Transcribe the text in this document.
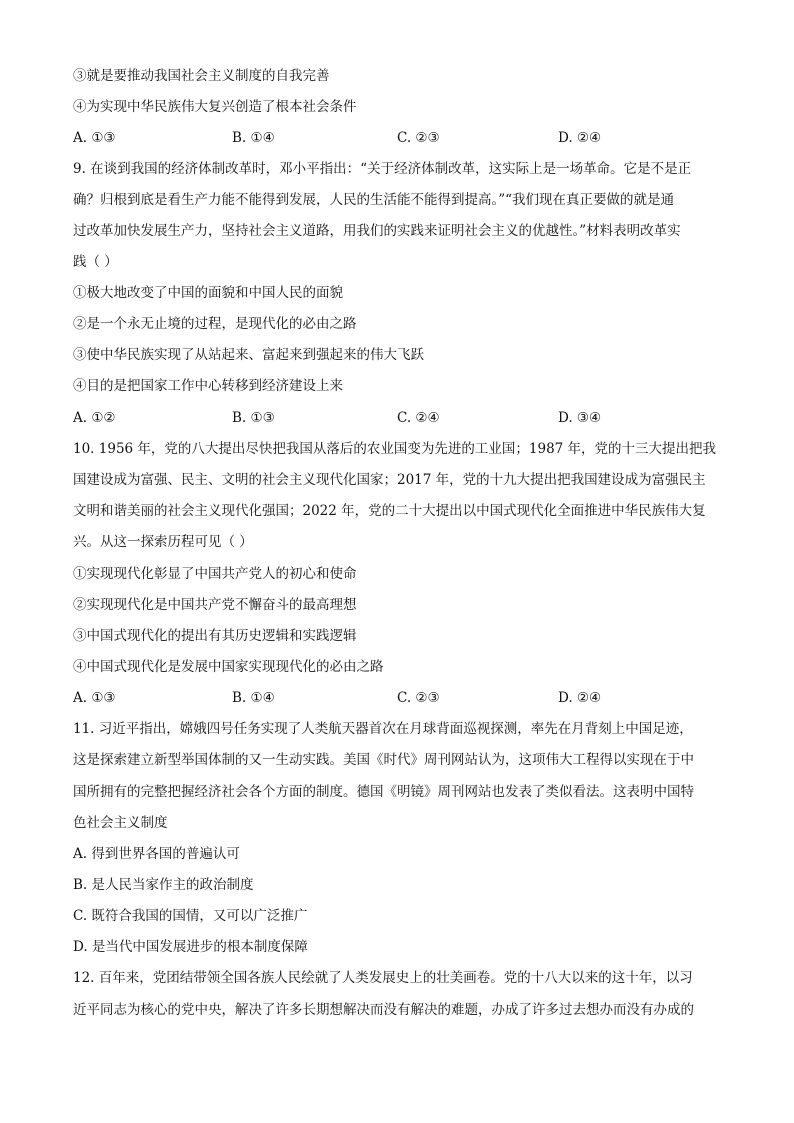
③就是要推动我国社会主义制度的自我完善
④为实现中华民族伟大复兴创造了根本社会条件
A. ①③	B. ①④	C. ②③	D. ②④
9. 在谈到我国的经济体制改革时，邓小平指出：“关于经济体制改革，这实际上是一场革命。它是不是正
确？归根到底是看生产力能不能得到发展，人民的生活能不能得到提高。”“我们现在真正要做的就是通
过改革加快发展生产力，坚持社会主义道路，用我们的实践来证明社会主义的优越性。”材料表明改革实
践（ ）
①极大地改变了中国的面貌和中国人民的面貌
②是一个永无止境的过程，是现代化的必由之路
③使中华民族实现了从站起来、富起来到强起来的伟大飞跃
④目的是把国家工作中心转移到经济建设上来
A. ①②	B. ①③	C. ②④	D. ③④
10. 1956 年，党的八大提出尽快把我国从落后的农业国变为先进的工业国；1987 年，党的十三大提出把我
国建设成为富强、民主、文明的社会主义现代化国家；2017 年，党的十九大提出把我国建设成为富强民主
文明和谐美丽的社会主义现代化强国；2022 年，党的二十大提出以中国式现代化全面推进中华民族伟大复
兴。从这一探索历程可见（ ）
①实现现代化彰显了中国共产党人的初心和使命
②实现现代化是中国共产党不懈奋斗的最高理想
③中国式现代化的提出有其历史逻辑和实践逻辑
④中国式现代化是发展中国家实现现代化的必由之路
A. ①③	B. ①④	C. ②③	D. ②④
11. 习近平指出，嫦娥四号任务实现了人类航天器首次在月球背面巡视探测，率先在月背刻上中国足迹，
这是探索建立新型举国体制的又一生动实践。美国《时代》周刊网站认为，这项伟大工程得以实现在于中
国所拥有的完整把握经济社会各个方面的制度。德国《明镜》周刊网站也发表了类似看法。这表明中国特
色社会主义制度
A. 得到世界各国的普遍认可
B. 是人民当家作主的政治制度
C. 既符合我国的国情，又可以广泛推广
D. 是当代中国发展进步的根本制度保障
12. 百年来，党团结带领全国各族人民绘就了人类发展史上的壮美画卷。党的十八大以来的这十年，以习
近平同志为核心的党中央，解决了许多长期想解决而没有解决的难题，办成了许多过去想办而没有办成的
